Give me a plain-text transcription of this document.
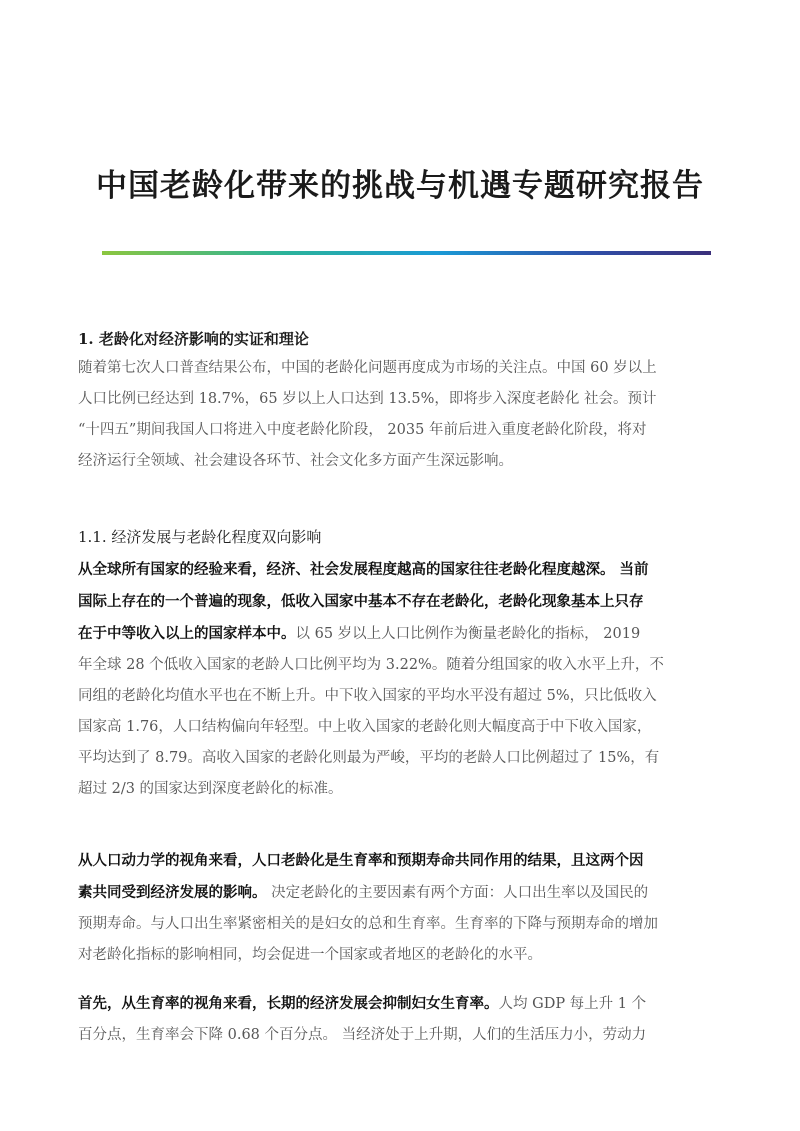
中国老龄化带来的挑战与机遇专题研究报告
1. 老龄化对经济影响的实证和理论
随着第七次人口普查结果公布，中国的老龄化问题再度成为市场的关注点。中国 60 岁以上
人口比例已经达到 18.7%，65 岁以上人口达到 13.5%，即将步入深度老龄化 社会。预计
“十四五”期间我国人口将进入中度老龄化阶段， 2035 年前后进入重度老龄化阶段，将对
经济运行全领域、社会建设各环节、社会文化多方面产生深远影响。
1.1. 经济发展与老龄化程度双向影响
从全球所有国家的经验来看，经济、社会发展程度越高的国家往往老龄化程度越深。 当前
国际上存在的一个普遍的现象，低收入国家中基本不存在老龄化，老龄化现象基本上只存
在于中等收入以上的国家样本中。以 65 岁以上人口比例作为衡量老龄化的指标， 2019
年全球 28 个低收入国家的老龄人口比例平均为 3.22%。随着分组国家的收入水平上升，不
同组的老龄化均值水平也在不断上升。中下收入国家的平均水平没有超过 5%，只比低收入
国家高 1.76，人口结构偏向年轻型。中上收入国家的老龄化则大幅度高于中下收入国家，
平均达到了 8.79。高收入国家的老龄化则最为严峻，平均的老龄人口比例超过了 15%，有
超过 2/3 的国家达到深度老龄化的标准。
从人口动力学的视角来看，人口老龄化是生育率和预期寿命共同作用的结果，且这两个因
素共同受到经济发展的影响。 决定老龄化的主要因素有两个方面：人口出生率以及国民的
预期寿命。与人口出生率紧密相关的是妇女的总和生育率。生育率的下降与预期寿命的增加
对老龄化指标的影响相同，均会促进一个国家或者地区的老龄化的水平。
首先，从生育率的视角来看，长期的经济发展会抑制妇女生育率。人均 GDP 每上升 1 个
百分点，生育率会下降 0.68 个百分点。 当经济处于上升期，人们的生活压力小，劳动力
